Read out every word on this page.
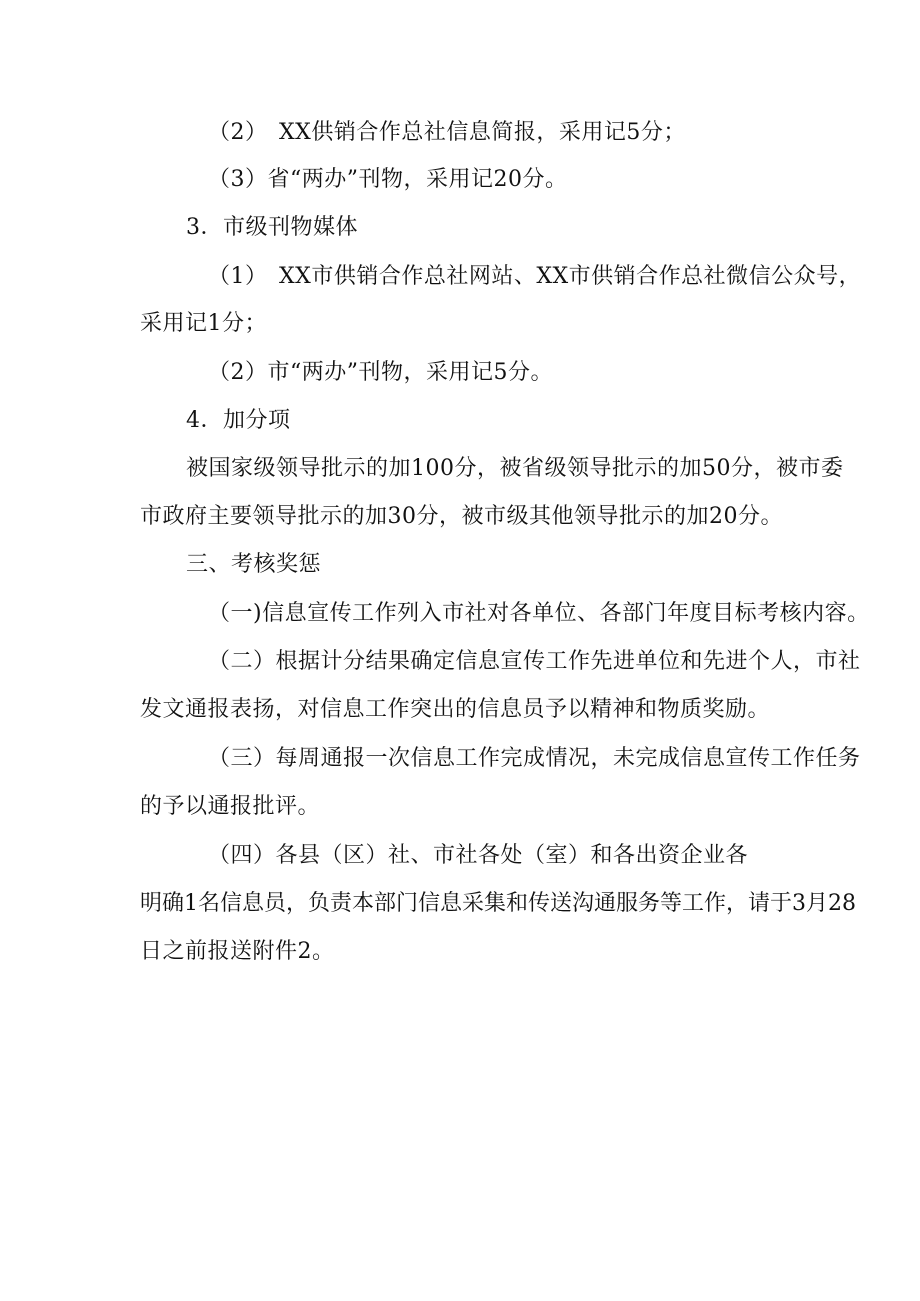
（2）　XX供销合作总社信息简报，采用记5分；
（3）省“两办”刊物，采用记20分。
3．市级刊物媒体
（1）　XX市供销合作总社网站、XX市供销合作总社微信公众号，
采用记1分；
（2）市“两办”刊物，采用记5分。
4．加分项
被国家级领导批示的加100分，被省级领导批示的加50分，被市委
市政府主要领导批示的加30分，被市级其他领导批示的加20分。
三、考核奖惩
（一)信息宣传工作列入市社对各单位、各部门年度目标考核内容。
（二）根据计分结果确定信息宣传工作先进单位和先进个人，市社
发文通报表扬，对信息工作突出的信息员予以精神和物质奖励。
（三）每周通报一次信息工作完成情况，未完成信息宣传工作任务
的予以通报批评。
（四）各县（区）社、市社各处（室）和各出资企业各
明确1名信息员，负责本部门信息采集和传送沟通服务等工作，请于3月28
日之前报送附件2。
